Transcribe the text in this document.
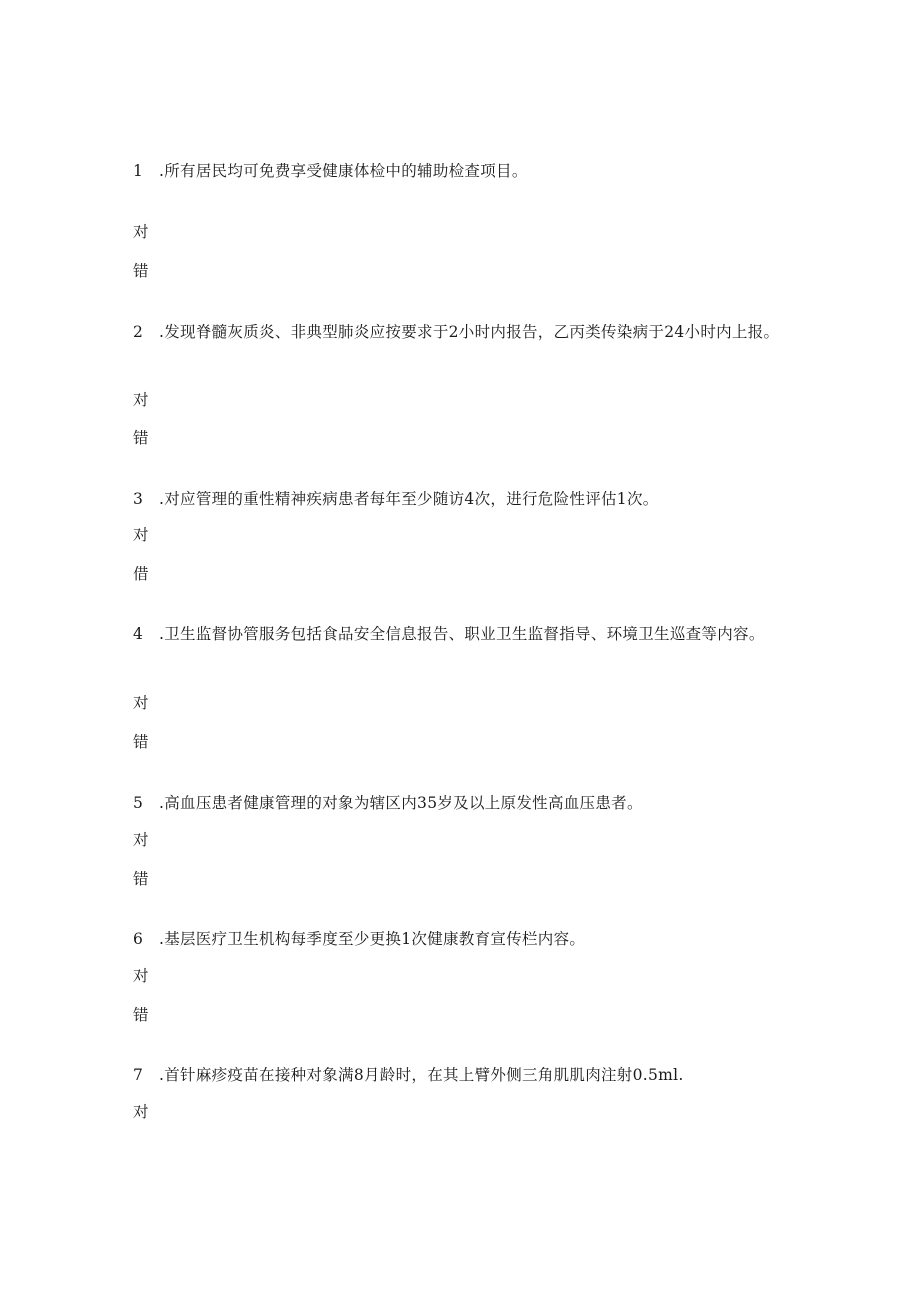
1 .所有居民均可免费享受健康体检中的辅助检查项目。
对
错
2 .发现脊髓灰质炎、非典型肺炎应按要求于2小时内报告，乙丙类传染病于24小时内上报。
对
错
3 .对应管理的重性精神疾病患者每年至少随访4次，进行危险性评估1次。
对
借
4 .卫生监督协管服务包括食品安全信息报告、职业卫生监督指导、环境卫生巡查等内容。
对
错
5 .高血压患者健康管理的对象为辖区内35岁及以上原发性高血压患者。
对
错
6 .基层医疗卫生机构每季度至少更换1次健康教育宣传栏内容。
对
错
7 .首针麻疹疫苗在接种对象满8月龄时，在其上臂外侧三角肌肌肉注射0.5ml.
对
